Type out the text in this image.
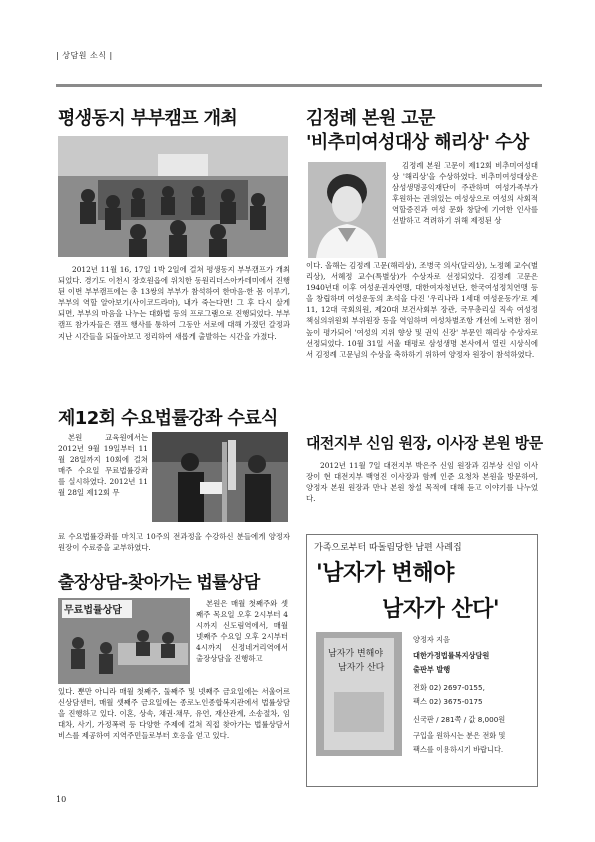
| 상담원 소식 |
평생동지 부부캠프 개최

2012년 11월 16, 17일 1박 2일에 걸쳐 평생동지 부부캠프가 개최되었다. 경기도 이천시 장호원읍에 위치한 동원리더스아카데미에서 진행된 이번 부부캠프에는 총 13쌍의 부부가 참석하여 한마음·한 몸 이루기, 부부의 역할 알아보기(사이코드라마), 내가 죽는다면! 그 후 다시 살게 되면, 부부의 마음을 나누는 대화법 등의 프로그램으로 진행되었다. 부부캠프 참가자들은 캠프 행사를 통하여 그동안 서로에 대해 가졌던 갈정과 지난 시간들을 되돌아보고 정리하여 새롭게 출발하는 시간을 가졌다.

제12회 수요법률강좌 수료식

본원 교육원에서는 2012년 9월 19일부터 11월 28일까지 10회에 걸쳐 매주 수요일 무료법률강좌를 실시하였다. 2012년 11월 28일 제12회 무

료 수요법률강좌를 마치고 10주의 전과정을 수강하신 분들에게 양정자 원장이 수료증을 교부하였다.

출장상담-찾아가는 법률상담
무료법률상담

본원은 매월 첫째주와 셋째주 목요일 오후 2시부터 4시까지 신도림역에서, 매월 넷째주 수요일 오후 2시부터 4시까지 신정네거리역에서 출장상담을 진행하고

있다. 뿐만 아니라 매월 첫째주, 둘째주 및 넷째주 금요일에는 서울어르신상담센터, 매월 셋째주 금요일에는 종로노인종합복지관에서 법률상담을 진행하고 있다. 이혼, 상속, 채권·채무, 유언, 재산관계, 소송절차, 임대차, 사기, 가정폭력 등 다양한 주제에 걸쳐 직접 찾아가는 법률상담서비스를 제공하여 지역주민들로부터 호응을 얻고 있다.

김정례 본원 고문
'비추미여성대상 해리상' 수상

김정례 본원 고문이 제12회 비추미여성대상 '해리상'을 수상하였다. 비추미여성대상은 삼성생명공익재단이 주관하며 여성가족부가 후원하는 권위있는 여성상으로 여성의 사회적 역할증진과 여성 문화 창달에 기여한 인사를 선발하고 격려하기 위해 제정된 상

이다. 올해는 김정례 고문(해리상), 조병국 의사(달리상), 노정혜 교수(별리상), 서혜정 교수(특별상)가 수상자로 선정되었다. 김정례 고문은 1940년대 이후 여성운권자연맹, 대한여자청년단, 한국여성정치연맹 등을 창립하며 여성운동의 초석을 다진 '우리나라 1세대 여성운동가'로 제11, 12대 국회의원, 제20대 보건사회부 장관, 국무총리실 직속 여성정책심의위원회 부위원장 등을 역임하며 여성차별조항 개선에 노력한 점이 높이 평가되어 '여성의 지위 향상 및 권익 신장' 부문인 해리상 수상자로 선정되었다. 10월 31일 서울 태평로 삼성생명 본사에서 열린 시상식에서 김정례 고문님의 수상을 축하하기 위하여 양정자 원장이 참석하였다.

대전지부 신임 원장, 이사장 본원 방문

2012년 11월 7일 대전지부 박은주 신임 원장과 김부상 신임 이사장이 현 대전지부 백영진 이사장과 함께 인준 요청차 본원을 방문하여, 양정자 본원 원장과 만나 본원 창설 목적에 대해 듣고 이야기를 나누었다.

가족으로부터 따돌림당한 남편 사례집
'남자가 변해야
남자가 산다'
남자가 변해야
남자가 산다
양정자 지음
대한가정법률복지상담원
출판부 발행
전화 02) 2697-0155,
팩스 02) 3675-0175
신국판 / 281쪽 / 값 8,000원
구입을 원하시는 분은 전화 및
팩스를 이용하시기 바랍니다.
10
